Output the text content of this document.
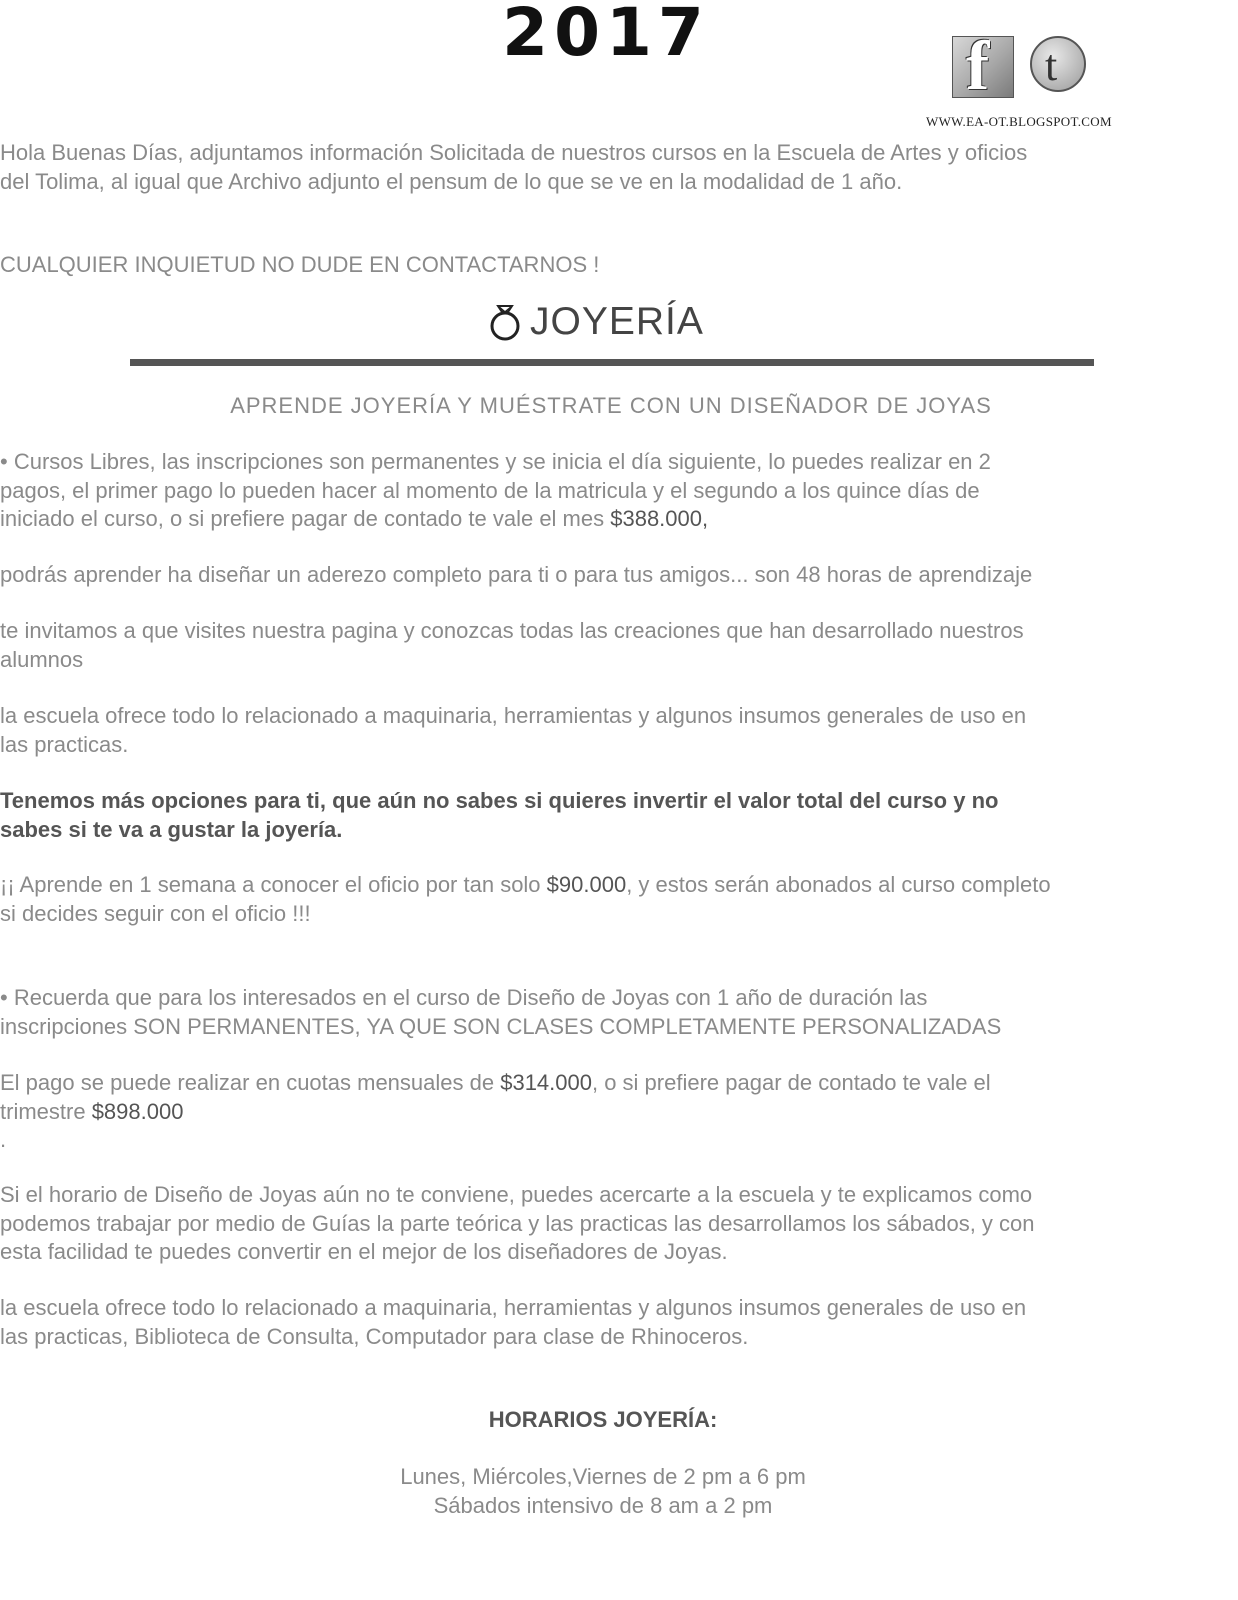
2017	f t
WWW.EA-OT.BLOGSPOT.COM

Hola Buenas Días, adjuntamos información Solicitada de nuestros cursos en la Escuela de Artes y oficios
del Tolima, al igual que Archivo adjunto el pensum de lo que se ve en la modalidad de 1 año.

CUALQUIER INQUIETUD NO DUDE EN CONTACTARNOS !

JOYERÍA

APRENDE JOYERÍA Y MUÉSTRATE CON UN DISEÑADOR DE JOYAS

• Cursos Libres, las inscripciones son permanentes y se inicia el día siguiente, lo puedes realizar en 2
pagos, el primer pago lo pueden hacer al momento de la matricula y el segundo a los quince días de
iniciado el curso, o si prefiere pagar de contado te vale el mes $388.000,

podrás aprender ha diseñar un aderezo completo para ti o para tus amigos... son 48 horas de aprendizaje

te invitamos a que visites nuestra pagina y conozcas todas las creaciones que han desarrollado nuestros
alumnos

la escuela ofrece todo lo relacionado a maquinaria, herramientas y algunos insumos generales de uso en
las practicas.

Tenemos más opciones para ti, que aún no sabes si quieres invertir el valor total del curso y no
sabes si te va a gustar la joyería.

¡¡ Aprende en 1 semana a conocer el oficio por tan solo $90.000, y estos serán abonados al curso completo
si decides seguir con el oficio !!!

• Recuerda que para los interesados en el curso de Diseño de Joyas con 1 año de duración las
inscripciones SON PERMANENTES, YA QUE SON CLASES COMPLETAMENTE PERSONALIZADAS

El pago se puede realizar en cuotas mensuales de $314.000, o si prefiere pagar de contado te vale el
trimestre $898.000
.

Si el horario de Diseño de Joyas aún no te conviene, puedes acercarte a la escuela y te explicamos como
podemos trabajar por medio de Guías la parte teórica y las practicas las desarrollamos los sábados, y con
esta facilidad te puedes convertir en el mejor de los diseñadores de Joyas.

la escuela ofrece todo lo relacionado a maquinaria, herramientas y algunos insumos generales de uso en
las practicas, Biblioteca de Consulta, Computador para clase de Rhinoceros.

HORARIOS JOYERÍA:

Lunes, Miércoles,Viernes de 2 pm a 6 pm
Sábados intensivo de 8 am a 2 pm
